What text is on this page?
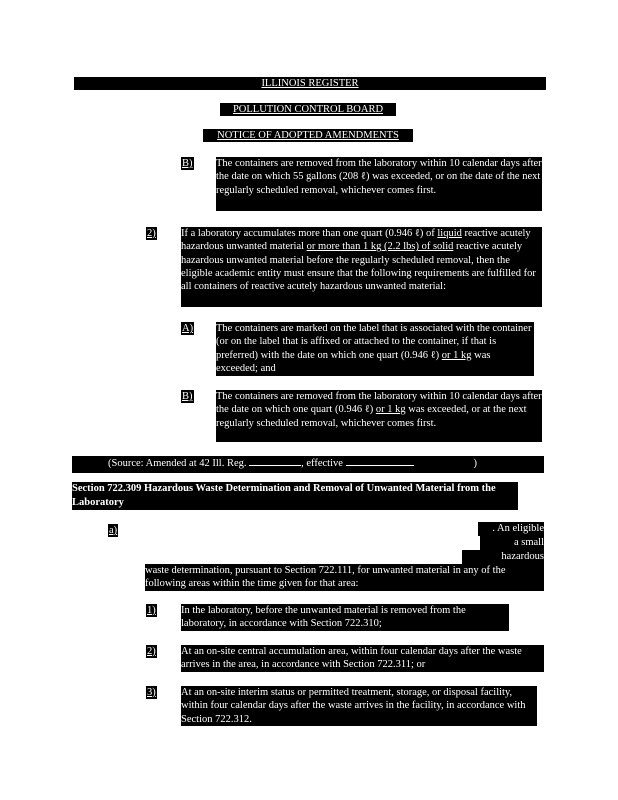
ILLINOIS REGISTER
POLLUTION CONTROL BOARD
NOTICE OF ADOPTED AMENDMENTS
B) The containers are removed from the laboratory within 10 calendar days after the date on which 55 gallons (208 ℓ) was exceeded, or on the date of the next regularly scheduled removal, whichever comes first.
2) If a laboratory accumulates more than one quart (0.946 ℓ) of liquid reactive acutely hazardous unwanted material or more than 1 kg (2.2 lbs) of solid reactive acutely hazardous unwanted material before the regularly scheduled removal, then the eligible academic entity must ensure that the following requirements are fulfilled for all containers of reactive acutely hazardous unwanted material:
A) The containers are marked on the label that is associated with the container (or on the label that is affixed or attached to the container, if that is preferred) with the date on which one quart (0.946 ℓ) or 1 kg was exceeded; and
B) The containers are removed from the laboratory within 10 calendar days after the date on which one quart (0.946 ℓ) or 1 kg was exceeded, or at the next regularly scheduled removal, whichever comes first.
(Source: Amended at 42 Ill. Reg.	, effective	)
Section 722.309 Hazardous Waste Determination and Removal of Unwanted Material from the Laboratory
a)	. An eligible
a small
hazardous
waste determination, pursuant to Section 722.111, for unwanted material in any of the following areas within the time given for that area:
1) In the laboratory, before the unwanted material is removed from the laboratory, in accordance with Section 722.310;
2) At an on-site central accumulation area, within four calendar days after the waste arrives in the area, in accordance with Section 722.311; or
3) At an on-site interim status or permitted treatment, storage, or disposal facility, within four calendar days after the waste arrives in the facility, in accordance with Section 722.312.
